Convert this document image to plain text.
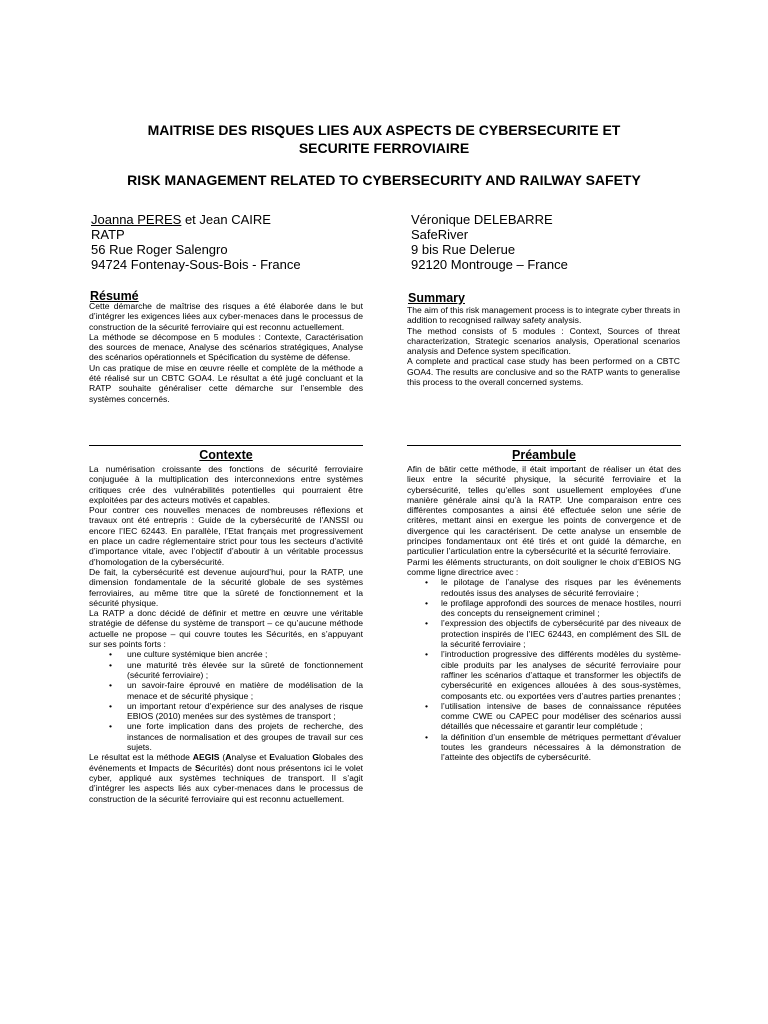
MAITRISE DES RISQUES LIES AUX ASPECTS DE CYBERSECURITE ET
SECURITE FERROVIAIRE
RISK MANAGEMENT RELATED TO CYBERSECURITY AND RAILWAY SAFETY
Joanna PERES et Jean CAIRE
RATP
56 Rue Roger Salengro
94724 Fontenay-Sous-Bois - France
Véronique DELEBARRE
SafeRiver
9 bis Rue Delerue
92120 Montrouge – France
Résumé

Cette démarche de maîtrise des risques a été élaborée dans le but d’intégrer les exigences liées aux cyber-menaces dans le processus de construction de la sécurité ferroviaire qui est reconnu actuellement.

La méthode se décompose en 5 modules : Contexte, Caractérisation des sources de menace, Analyse des scénarios stratégiques, Analyse des scénarios opérationnels et Spécification du système de défense.

Un cas pratique de mise en œuvre réelle et complète de la méthode a été réalisé sur un CBTC GOA4. Le résultat a été jugé concluant et la RATP souhaite généraliser cette démarche sur l’ensemble des systèmes concernés.

Summary

The aim of this risk management process is to integrate cyber threats in addition to recognised railway safety analysis.

The method consists of 5 modules : Context, Sources of threat characterization, Strategic scenarios analysis, Operational scenarios analysis and Defence system specification.

A complete and practical case study has been performed on a CBTC GOA4. The results are conclusive and so the RATP wants to generalise this process to the overall concerned systems.

Contexte

La numérisation croissante des fonctions de sécurité ferroviaire conjuguée à la multiplication des interconnexions entre systèmes critiques crée des vulnérabilités potentielles qui pourraient être exploitées par des acteurs motivés et capables.

Pour contrer ces nouvelles menaces de nombreuses réflexions et travaux ont été entrepris : Guide de la cybersécurité de l’ANSSI ou encore l’IEC 62443. En parallèle, l’Etat français met progressivement en place un cadre réglementaire strict pour tous les secteurs d’activité d’importance vitale, avec l’objectif d’aboutir à un véritable processus d’homologation de la cybersécurité.

De fait, la cybersécurité est devenue aujourd’hui, pour la RATP, une dimension fondamentale de la sécurité globale de ses systèmes ferroviaires, au même titre que la sûreté de fonctionnement et la sécurité physique.

La RATP a donc décidé de définir et mettre en œuvre une véritable stratégie de défense du système de transport – ce qu’aucune méthode actuelle ne propose – qui couvre toutes les Sécurités, en s’appuyant sur ses points forts :

• une culture systémique bien ancrée ;
• une maturité très élevée sur la sûreté de fonctionnement (sécurité ferroviaire) ;
• un savoir-faire éprouvé en matière de modélisation de la menace et de sécurité physique ;
• un important retour d’expérience sur des analyses de risque EBIOS (2010) menées sur des systèmes de transport ;
• une forte implication dans des projets de recherche, des instances de normalisation et des groupes de travail sur ces sujets.

Le résultat est la méthode AEGIS (Analyse et Evaluation Globales des événements et Impacts de Sécurités) dont nous présentons ici le volet cyber, appliqué aux systèmes techniques de transport. Il s’agit d’intégrer les aspects liés aux cyber-menaces dans le processus de construction de la sécurité ferroviaire qui est reconnu actuellement.

Préambule

Afin de bâtir cette méthode, il était important de réaliser un état des lieux entre la sécurité physique, la sécurité ferroviaire et la cybersécurité, telles qu’elles sont usuellement employées d’une manière générale ainsi qu’à la RATP. Une comparaison entre ces différentes composantes a ainsi été effectuée selon une série de critères, mettant ainsi en exergue les points de convergence et de divergence qui les caractérisent. De cette analyse un ensemble de principes fondamentaux ont été tirés et ont guidé la démarche, en particulier l’articulation entre la cybersécurité et la sécurité ferroviaire.

Parmi les éléments structurants, on doit souligner le choix d’EBIOS NG comme ligne directrice avec :

• le pilotage de l’analyse des risques par les événements redoutés issus des analyses de sécurité ferroviaire ;
• le profilage approfondi des sources de menace hostiles, nourri des concepts du renseignement criminel ;
• l’expression des objectifs de cybersécurité par des niveaux de protection inspirés de l’IEC 62443, en complément des SIL de la sécurité ferroviaire ;
• l’introduction progressive des différents modèles du système-cible produits par les analyses de sécurité ferroviaire pour raffiner les scénarios d’attaque et transformer les objectifs de cybersécurité en exigences allouées à des sous-systèmes, composants etc. ou exportées vers d’autres parties prenantes ;
• l’utilisation intensive de bases de connaissance réputées comme CWE ou CAPEC pour modéliser des scénarios aussi détaillés que nécessaire et garantir leur complétude ;
• la définition d’un ensemble de métriques permettant d’évaluer toutes les grandeurs nécessaires à la démonstration de l’atteinte des objectifs de cybersécurité.
